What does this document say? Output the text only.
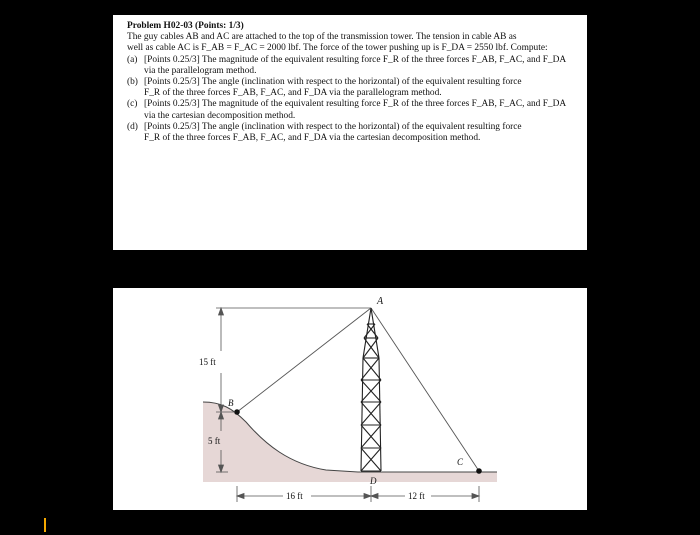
Problem H02-03 (Points: 1/3)
The guy cables AB and AC are attached to the top of the transmission tower. The tension in cable AB as
well as cable AC is F_AB = F_AC = 2000 lbf. The force of the tower pushing up is F_DA = 2550 lbf. Compute:
(a) [Points 0.25/3] The magnitude of the equivalent resulting force F_R of the three forces F_AB, F_AC, and F_DA
via the parallelogram method.
(b) [Points 0.25/3] The angle (inclination with respect to the horizontal) of the equivalent resulting force
F_R of the three forces F_AB, F_AC, and F_DA via the parallelogram method.
(c) [Points 0.25/3] The magnitude of the equivalent resulting force F_R of the three forces F_AB, F_AC, and F_DA
via the cartesian decomposition method.
(d) [Points 0.25/3] The angle (inclination with respect to the horizontal) of the equivalent resulting force
F_R of the three forces F_AB, F_AC, and F_DA via the cartesian decomposition method.
A
B
C
D
15 ft
5 ft
16 ft	12 ft
